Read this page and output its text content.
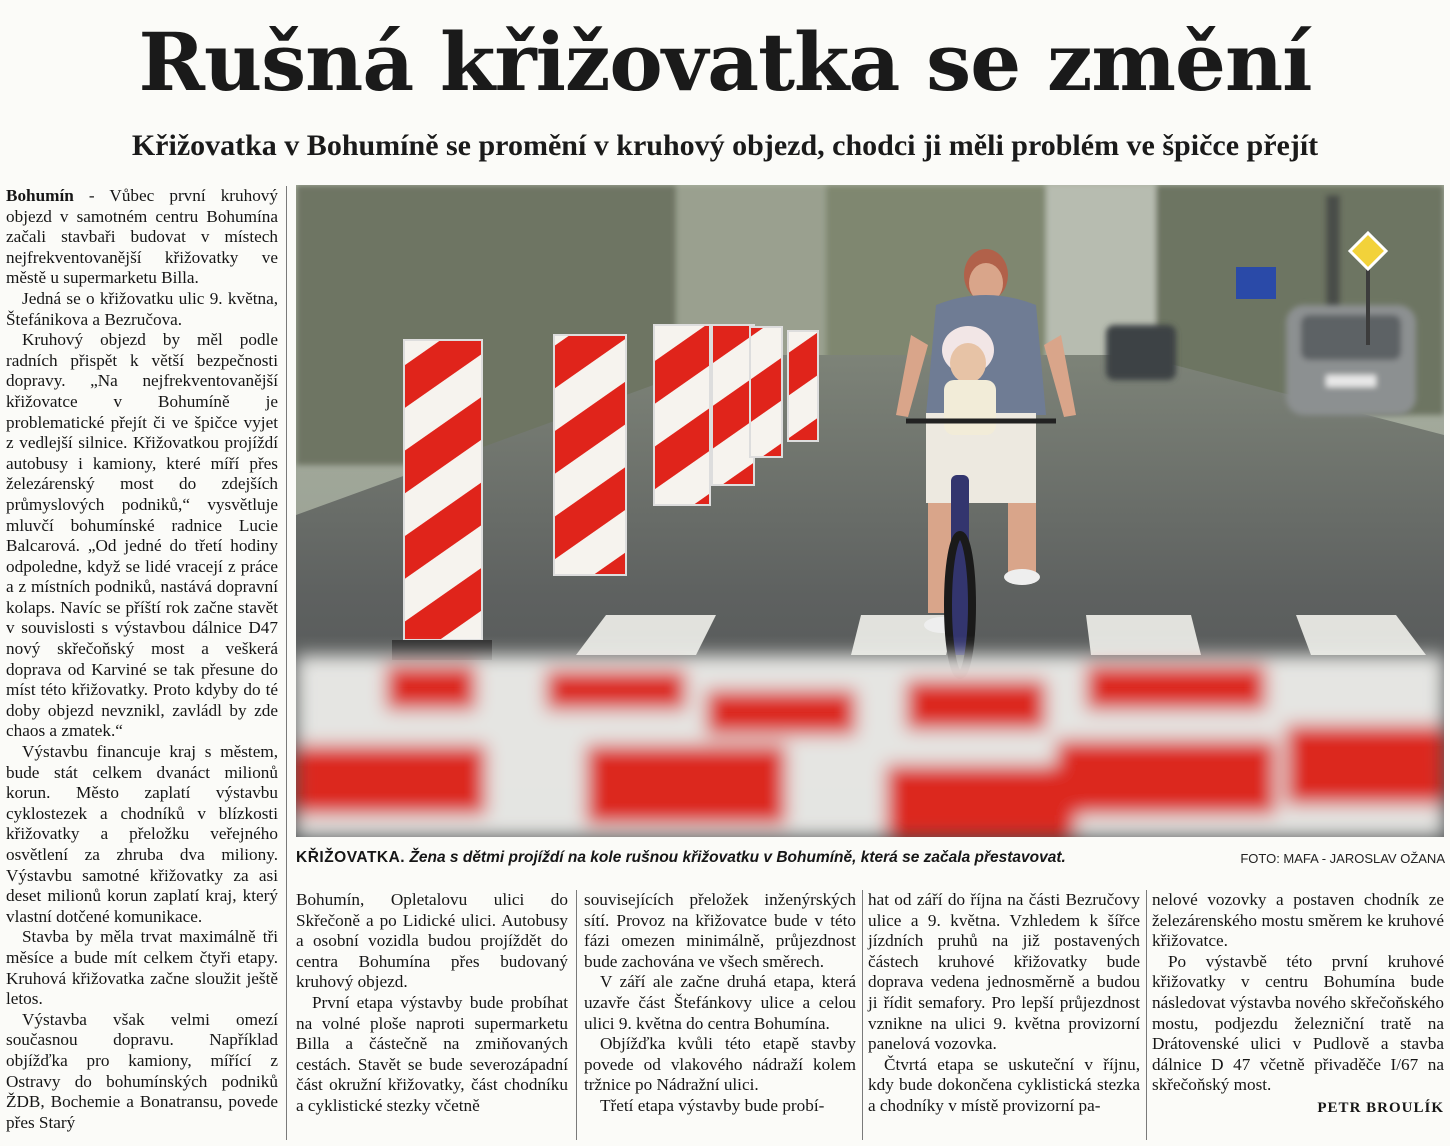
Rušná křižovatka se změní
Křižovatka v Bohumíně se promění v kruhový objezd, chodci ji měli problém ve špičce přejít

Bohumín - Vůbec první kruhový objezd v samotném centru Bohumína začali stavbaři budovat v místech nejfrekventovanější křižovatky ve městě u supermarketu Billa.

Jedná se o křižovatku ulic 9. května, Štefánikova a Bezručova.

Kruhový objezd by měl podle radních přispět k větší bezpečnosti dopravy. „Na nejfrekventovanější křižovatce v Bohumíně je problematické přejít či ve špičce vyjet z vedlejší silnice. Křižovatkou projíždí autobusy i kamiony, které míří přes železárenský most do zdejších průmyslových podniků,“ vysvětluje mluvčí bohumínské radnice Lucie Balcarová. „Od jedné do třetí hodiny odpoledne, když se lidé vracejí z práce a z místních podniků, nastává dopravní kolaps. Navíc se příští rok začne stavět v souvislosti s výstavbou dálnice D47 nový skřečoňský most a veškerá doprava od Karviné se tak přesune do míst této křižovatky. Proto kdyby do té doby objezd nevznikl, zavládl by zde chaos a zmatek.“

Výstavbu financuje kraj s městem, bude stát celkem dvanáct milionů korun. Město zaplatí výstavbu cyklostezek a chodníků v blízkosti křižovatky a přeložku veřejného osvětlení za zhruba dva miliony. Výstavbu samotné křižovatky za asi deset milionů korun zaplatí kraj, který vlastní dotčené komunikace.

Stavba by měla trvat maximálně tři měsíce a bude mít celkem čtyři etapy. Kruhová křižovatka začne sloužit ještě letos.

Výstavba však velmi omezí současnou dopravu. Například objížďka pro kamiony, mířící z Ostravy do bohumínských podniků ŽDB, Bochemie a Bonatransu, povede přes Starý

KŘIŽOVATKA. Žena s dětmi projíždí na kole rušnou křižovatku v Bohumíně, která se začala přestavovat.	FOTO: MAFA - JAROSLAV OŽANA

Bohumín, Opletalovu ulici do Skřečoně a po Lidické ulici. Autobusy a osobní vozidla budou projíždět do centra Bohumína přes budovaný kruhový objezd.

První etapa výstavby bude probíhat na volné ploše naproti supermarketu Billa a částečně na zmiňovaných cestách. Stavět se bude severozápadní část okružní křižovatky, část chodníku a cyklistické stezky včetně

souvisejících přeložek inženýrských sítí. Provoz na křižovatce bude v této fázi omezen minimálně, průjezdnost bude zachována ve všech směrech.

V září ale začne druhá etapa, která uzavře část Štefánkovy ulice a celou ulici 9. května do centra Bohumína.

Objížďka kvůli této etapě stavby povede od vlakového nádraží kolem tržnice po Nádražní ulici.

Třetí etapa výstavby bude probí-

hat od září do října na části Bezručovy ulice a 9. května. Vzhledem k šířce jízdních pruhů na již postavených částech kruhové křižovatky bude doprava vedena jednosměrně a budou ji řídit semafory. Pro lepší průjezdnost vznikne na ulici 9. května provizorní panelová vozovka.

Čtvrtá etapa se uskuteční v říjnu, kdy bude dokončena cyklistická stezka a chodníky v místě provizorní pa-

nelové vozovky a postaven chodník ze železárenského mostu směrem ke kruhové křižovatce.

Po výstavbě této první kruhové křižovatky v centru Bohumína bude následovat výstavba nového skřečoňského mostu, podjezdu železniční tratě na Drátovenské ulici v Pudlově a stavba dálnice D 47 včetně přivaděče I/67 na skřečoňský most.

PETR BROULÍK
